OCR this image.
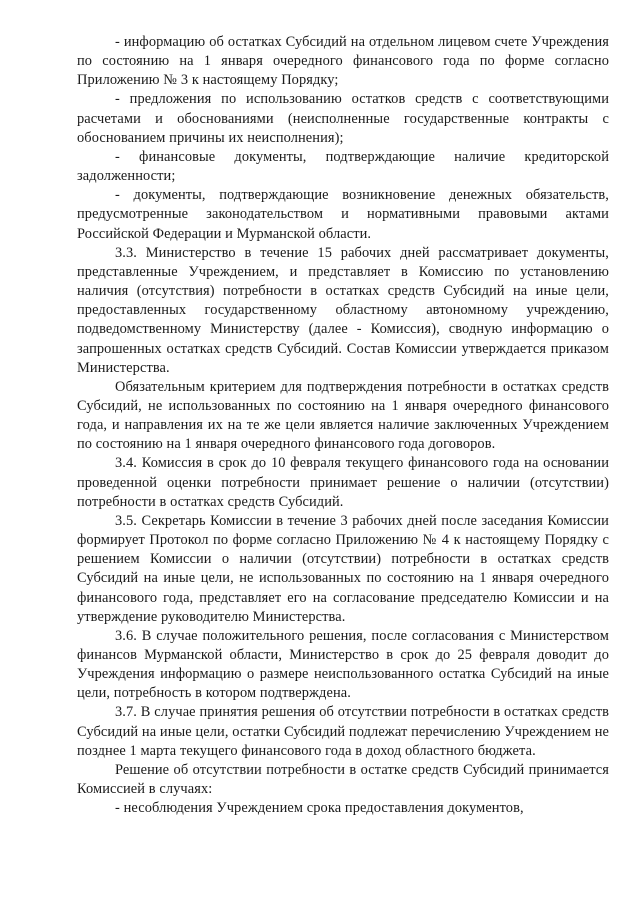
- информацию об остатках Субсидий на отдельном лицевом счете Учреждения по состоянию на 1 января очередного финансового года по форме согласно Приложению № 3 к настоящему Порядку;

- предложения по использованию остатков средств с соответствующими расчетами и обоснованиями (неисполненные государственные контракты с обоснованием причины их неисполнения);

- финансовые документы, подтверждающие наличие кредиторской задолженности;

- документы, подтверждающие возникновение денежных обязательств, предусмотренные законодательством и нормативными правовыми актами Российской Федерации и Мурманской области.

3.3. Министерство в течение 15 рабочих дней рассматривает документы, представленные Учреждением, и представляет в Комиссию по установлению наличия (отсутствия) потребности в остатках средств Субсидий на иные цели, предоставленных государственному областному автономному учреждению, подведомственному Министерству (далее - Комиссия), сводную информацию о запрошенных остатках средств Субсидий. Состав Комиссии утверждается приказом Министерства.

Обязательным критерием для подтверждения потребности в остатках средств Субсидий, не использованных по состоянию на 1 января очередного финансового года, и направления их на те же цели является наличие заключенных Учреждением по состоянию на 1 января очередного финансового года договоров.

3.4. Комиссия в срок до 10 февраля текущего финансового года на основании проведенной оценки потребности принимает решение о наличии (отсутствии) потребности в остатках средств Субсидий.

3.5. Секретарь Комиссии в течение 3 рабочих дней после заседания Комиссии формирует Протокол по форме согласно Приложению № 4 к настоящему Порядку с решением Комиссии о наличии (отсутствии) потребности в остатках средств Субсидий на иные цели, не использованных по состоянию на 1 января очередного финансового года, представляет его на согласование председателю Комиссии и на утверждение руководителю Министерства.

3.6. В случае положительного решения, после согласования с Министерством финансов Мурманской области, Министерство в срок до 25 февраля доводит до Учреждения информацию о размере неиспользованного остатка Субсидий на иные цели, потребность в котором подтверждена.

3.7. В случае принятия решения об отсутствии потребности в остатках средств Субсидий на иные цели, остатки Субсидий подлежат перечислению Учреждением не позднее 1 марта текущего финансового года в доход областного бюджета.

Решение об отсутствии потребности в остатке средств Субсидий принимается Комиссией в случаях:

- несоблюдения Учреждением срока предоставления документов,
